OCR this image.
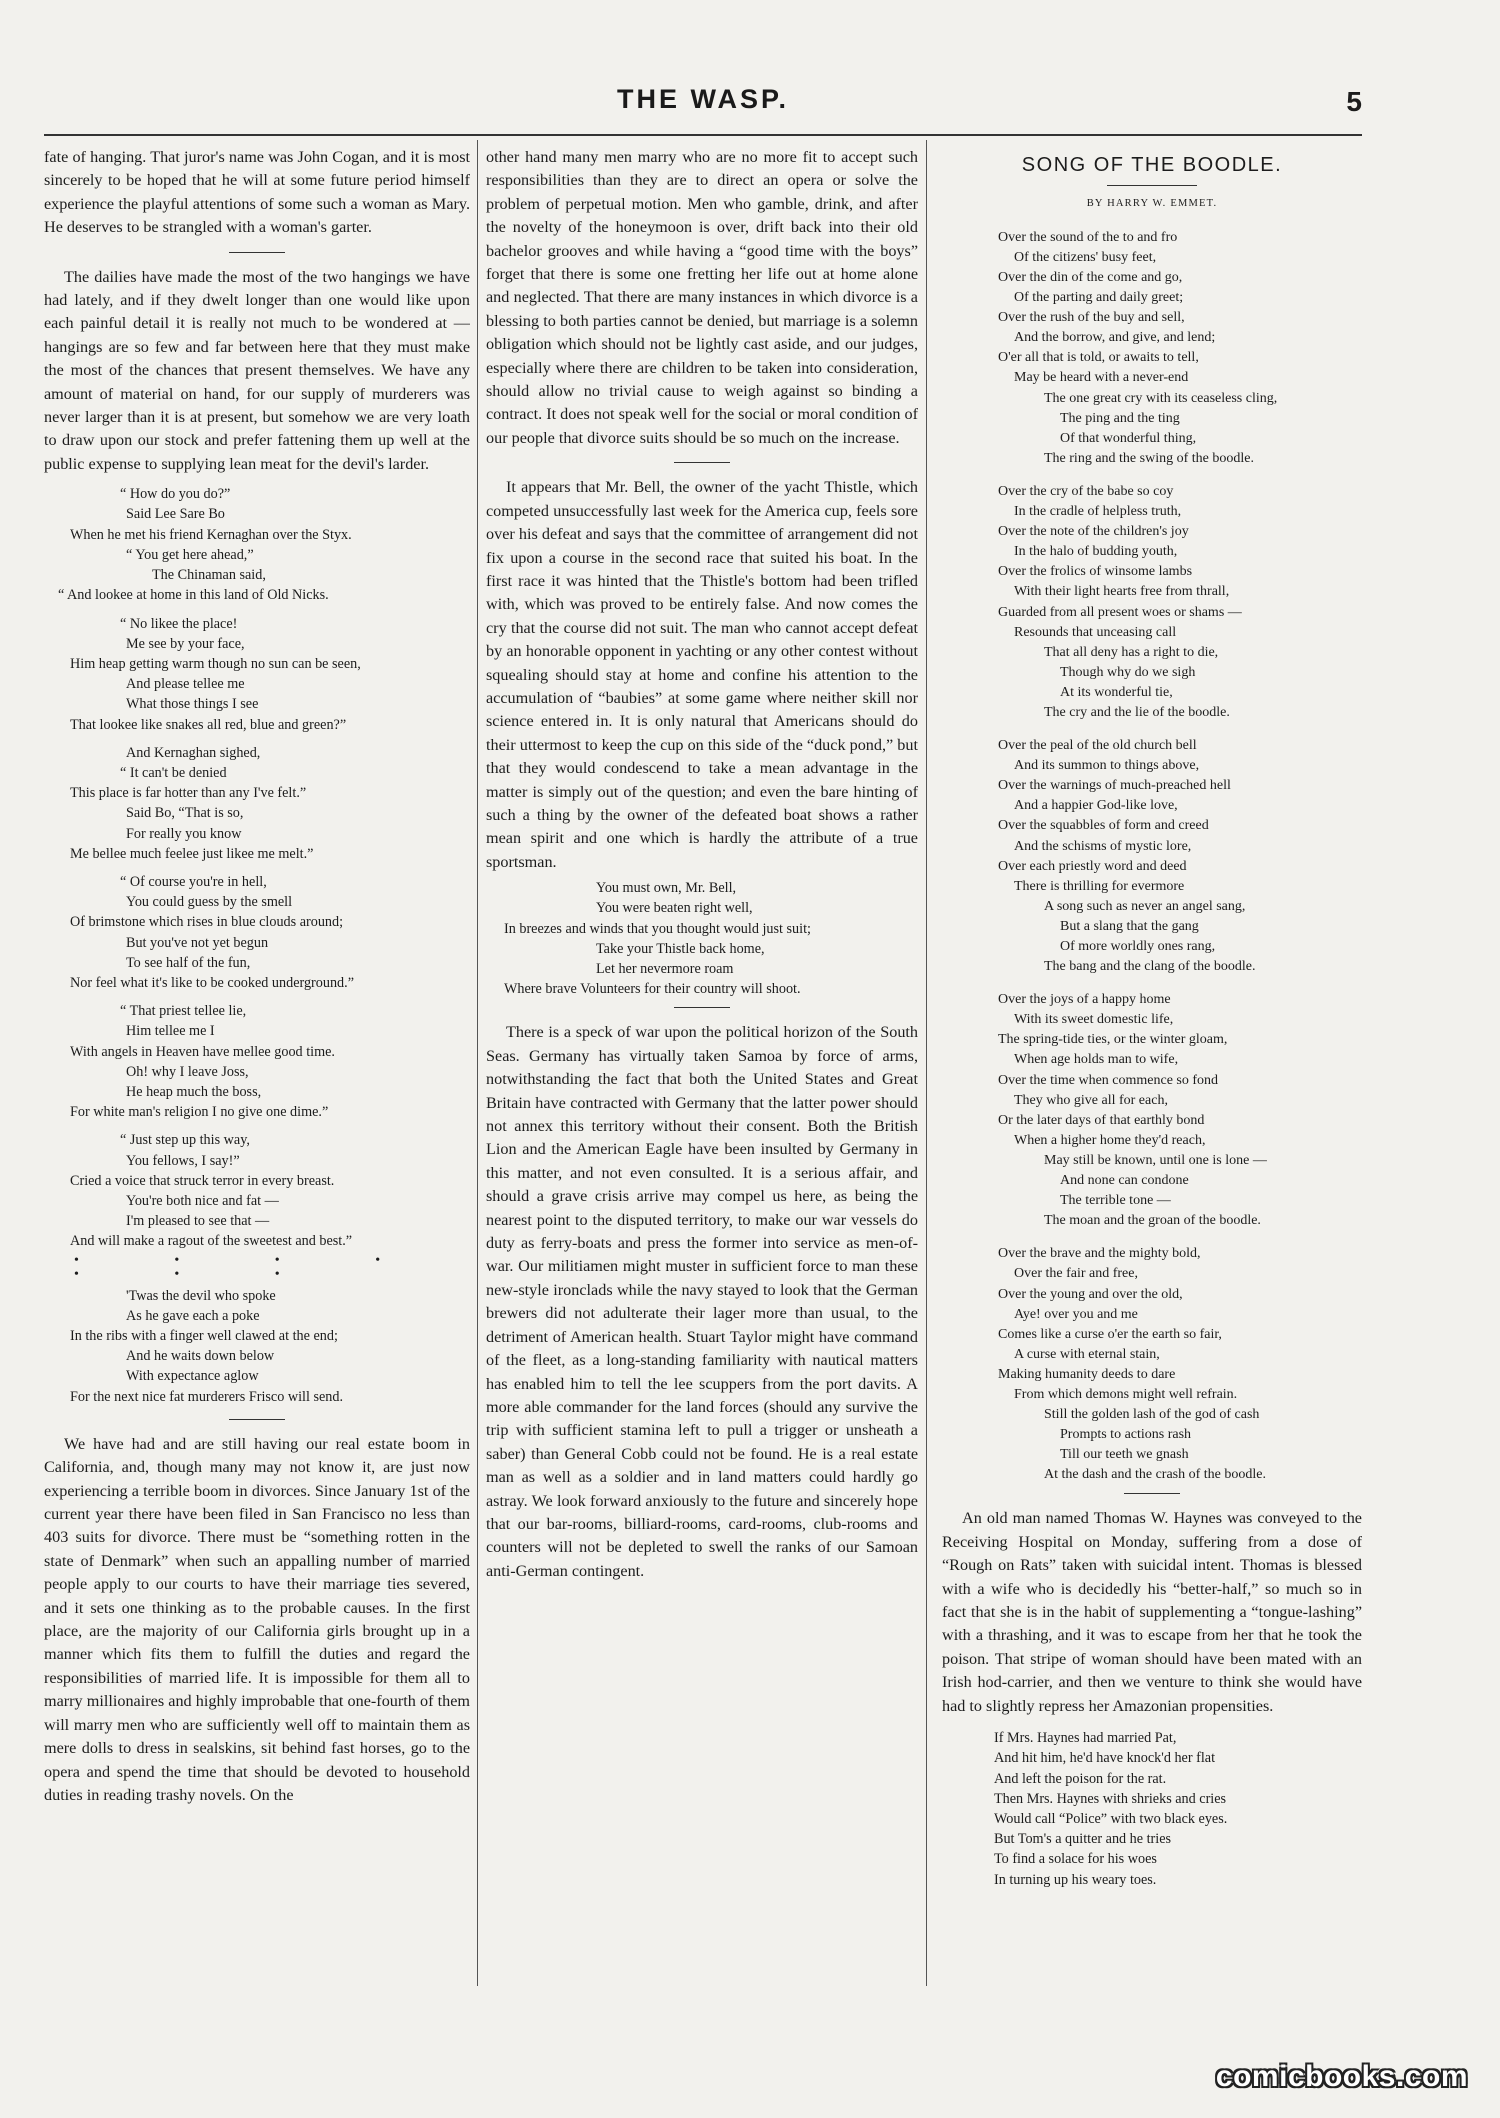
THE WASP.	5

fate of hanging. That juror's name was John Cogan, and it is most sincerely to be hoped that he will at some future period himself experience the playful attentions of some such a woman as Mary. He deserves to be strangled with a woman's garter.

The dailies have made the most of the two hangings we have had lately, and if they dwelt longer than one would like upon each painful detail it is really not much to be wondered at — hangings are so few and far between here that they must make the most of the chances that present themselves. We have any amount of material on hand, for our supply of murderers was never larger than it is at present, but somehow we are very loath to draw upon our stock and prefer fattening them up well at the public expense to supplying lean meat for the devil's larder.

“ How do you do?”
Said Lee Sare Bo
When he met his friend Kernaghan over the Styx.
“ You get here ahead,”
The Chinaman said,
“ And lookee at home in this land of Old Nicks.
“ No likee the place!
Me see by your face,
Him heap getting warm though no sun can be seen,
And please tellee me
What those things I see
That lookee like snakes all red, blue and green?”
And Kernaghan sighed,
“ It can't be denied
This place is far hotter than any I've felt.”
Said Bo, “That is so,
For really you know
Me bellee much feelee just likee me melt.”
“ Of course you're in hell,
You could guess by the smell
Of brimstone which rises in blue clouds around;
But you've not yet begun
To see half of the fun,
Nor feel what it's like to be cooked underground.”
“ That priest tellee lie,
Him tellee me I
With angels in Heaven have mellee good time.
Oh! why I leave Joss,
He heap much the boss,
For white man's religion I no give one dime.”
“ Just step up this way,
You fellows, I say!”
Cried a voice that struck terror in every breast.
You're both nice and fat —
I'm pleased to see that —
And will make a ragout of the sweetest and best.”
• • • • • • •
'Twas the devil who spoke
As he gave each a poke
In the ribs with a finger well clawed at the end;
And he waits down below
With expectance aglow
For the next nice fat murderers Frisco will send.

We have had and are still having our real estate boom in California, and, though many may not know it, are just now experiencing a terrible boom in divorces. Since January 1st of the current year there have been filed in San Francisco no less than 403 suits for divorce. There must be “something rotten in the state of Denmark” when such an appalling number of married people apply to our courts to have their marriage ties severed, and it sets one thinking as to the probable causes. In the first place, are the majority of our California girls brought up in a manner which fits them to fulfill the duties and regard the responsibilities of married life. It is impossible for them all to marry millionaires and highly improbable that one-fourth of them will marry men who are sufficiently well off to maintain them as mere dolls to dress in sealskins, sit behind fast horses, go to the opera and spend the time that should be devoted to household duties in reading trashy novels. On the

other hand many men marry who are no more fit to accept such responsibilities than they are to direct an opera or solve the problem of perpetual motion. Men who gamble, drink, and after the novelty of the honeymoon is over, drift back into their old bachelor grooves and while having a “good time with the boys” forget that there is some one fretting her life out at home alone and neglected. That there are many instances in which divorce is a blessing to both parties cannot be denied, but marriage is a solemn obligation which should not be lightly cast aside, and our judges, especially where there are children to be taken into consideration, should allow no trivial cause to weigh against so binding a contract. It does not speak well for the social or moral condition of our people that divorce suits should be so much on the increase.

It appears that Mr. Bell, the owner of the yacht Thistle, which competed unsuccessfully last week for the America cup, feels sore over his defeat and says that the committee of arrangement did not fix upon a course in the second race that suited his boat. In the first race it was hinted that the Thistle's bottom had been trifled with, which was proved to be entirely false. And now comes the cry that the course did not suit. The man who cannot accept defeat by an honorable opponent in yachting or any other contest without squealing should stay at home and confine his attention to the accumulation of “baubies” at some game where neither skill nor science entered in. It is only natural that Americans should do their uttermost to keep the cup on this side of the “duck pond,” but that they would condescend to take a mean advantage in the matter is simply out of the question; and even the bare hinting of such a thing by the owner of the defeated boat shows a rather mean spirit and one which is hardly the attribute of a true sportsman.

You must own, Mr. Bell,
You were beaten right well,
In breezes and winds that you thought would just suit;
Take your Thistle back home,
Let her nevermore roam
Where brave Volunteers for their country will shoot.

There is a speck of war upon the political horizon of the South Seas. Germany has virtually taken Samoa by force of arms, notwithstanding the fact that both the United States and Great Britain have contracted with Germany that the latter power should not annex this territory without their consent. Both the British Lion and the American Eagle have been insulted by Germany in this matter, and not even consulted. It is a serious affair, and should a grave crisis arrive may compel us here, as being the nearest point to the disputed territory, to make our war vessels do duty as ferry-boats and press the former into service as men-of-war. Our militiamen might muster in sufficient force to man these new-style ironclads while the navy stayed to look that the German brewers did not adulterate their lager more than usual, to the detriment of American health. Stuart Taylor might have command of the fleet, as a long-standing familiarity with nautical matters has enabled him to tell the lee scuppers from the port davits. A more able commander for the land forces (should any survive the trip with sufficient stamina left to pull a trigger or unsheath a saber) than General Cobb could not be found. He is a real estate man as well as a soldier and in land matters could hardly go astray. We look forward anxiously to the future and sincerely hope that our bar-rooms, billiard-rooms, card-rooms, club-rooms and counters will not be depleted to swell the ranks of our Samoan anti-German contingent.

SONG OF THE BOODLE.
BY HARRY W. EMMET.
Over the sound of the to and fro
Of the citizens' busy feet,
Over the din of the come and go,
Of the parting and daily greet;
Over the rush of the buy and sell,
And the borrow, and give, and lend;
O'er all that is told, or awaits to tell,
May be heard with a never-end
The one great cry with its ceaseless cling,
The ping and the ting
Of that wonderful thing,
The ring and the swing of the boodle.
Over the cry of the babe so coy
In the cradle of helpless truth,
Over the note of the children's joy
In the halo of budding youth,
Over the frolics of winsome lambs
With their light hearts free from thrall,
Guarded from all present woes or shams —
Resounds that unceasing call
That all deny has a right to die,
Though why do we sigh
At its wonderful tie,
The cry and the lie of the boodle.
Over the peal of the old church bell
And its summon to things above,
Over the warnings of much-preached hell
And a happier God-like love,
Over the squabbles of form and creed
And the schisms of mystic lore,
Over each priestly word and deed
There is thrilling for evermore
A song such as never an angel sang,
But a slang that the gang
Of more worldly ones rang,
The bang and the clang of the boodle.
Over the joys of a happy home
With its sweet domestic life,
The spring-tide ties, or the winter gloam,
When age holds man to wife,
Over the time when commence so fond
They who give all for each,
Or the later days of that earthly bond
When a higher home they'd reach,
May still be known, until one is lone —
And none can condone
The terrible tone —
The moan and the groan of the boodle.
Over the brave and the mighty bold,
Over the fair and free,
Over the young and over the old,
Aye! over you and me
Comes like a curse o'er the earth so fair,
A curse with eternal stain,
Making humanity deeds to dare
From which demons might well refrain.
Still the golden lash of the god of cash
Prompts to actions rash
Till our teeth we gnash
At the dash and the crash of the boodle.

An old man named Thomas W. Haynes was conveyed to the Receiving Hospital on Monday, suffering from a dose of “Rough on Rats” taken with suicidal intent. Thomas is blessed with a wife who is decidedly his “better-half,” so much so in fact that she is in the habit of supplementing a “tongue-lashing” with a thrashing, and it was to escape from her that he took the poison. That stripe of woman should have been mated with an Irish hod-carrier, and then we venture to think she would have had to slightly repress her Amazonian propensities.

If Mrs. Haynes had married Pat,
And hit him, he'd have knock'd her flat
And left the poison for the rat.
Then Mrs. Haynes with shrieks and cries
Would call “Police” with two black eyes.
But Tom's a quitter and he tries
To find a solace for his woes
In turning up his weary toes.
comicbooks.com
